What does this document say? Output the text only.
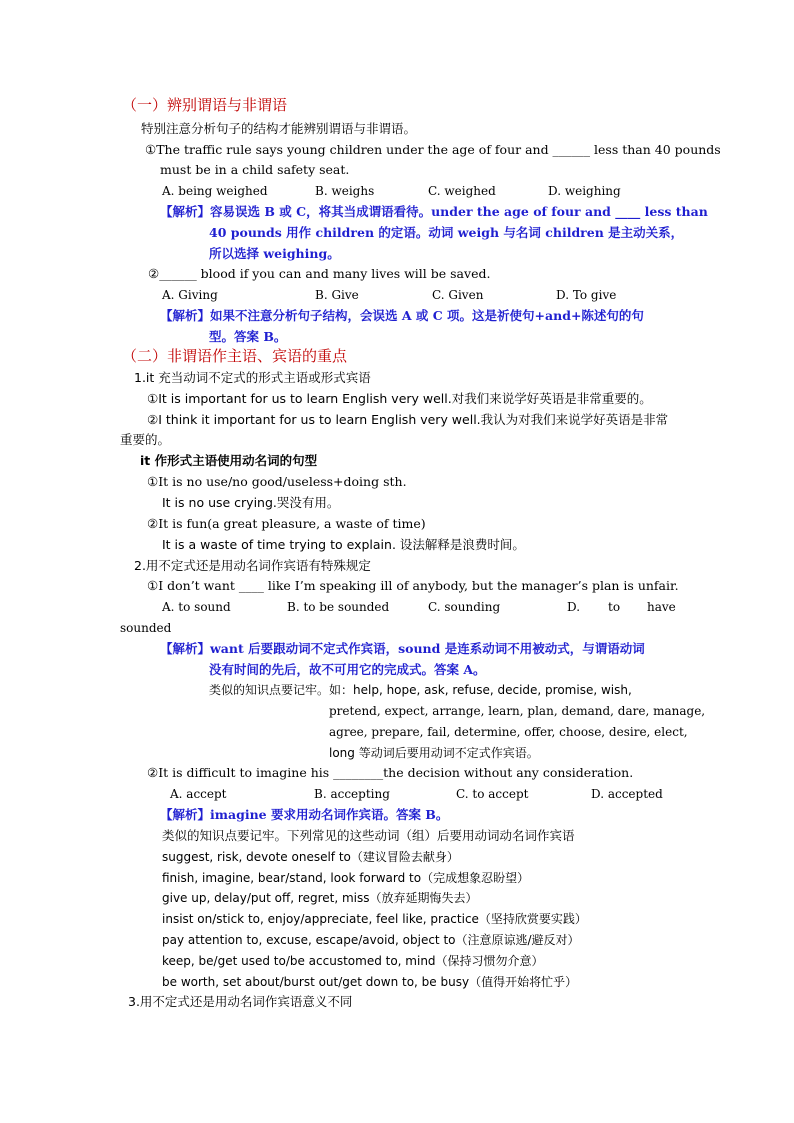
（一）辨别谓语与非谓语
特别注意分析句子的结构才能辨别谓语与非谓语。
①The traffic rule says young children under the age of four and ______ less than 40 pounds
must be in a child safety seat.
A. being weighed	B. weighs	C. weighed	D. weighing
【解析】容易误选 B 或 C，将其当成谓语看待。under the age of four and ____ less than
40 pounds 用作 children 的定语。动词 weigh 与名词 children 是主动关系，
所以选择 weighing。
②______ blood if you can and many lives will be saved.
A. Giving	B. Give	C. Given	D. To give
【解析】如果不注意分析句子结构，会误选 A 或 C 项。这是祈使句+and+陈述句的句
型。答案 B。
（二）非谓语作主语、宾语的重点
1.it 充当动词不定式的形式主语或形式宾语
①It is important for us to learn English very well.对我们来说学好英语是非常重要的。
②I think it important for us to learn English very well.我认为对我们来说学好英语是非常
重要的。
it 作形式主语使用动名词的句型
①It is no use/no good/useless+doing sth.
It is no use crying.哭没有用。
②It is fun(a great pleasure, a waste of time)
It is a waste of time trying to explain. 设法解释是浪费时间。
2.用不定式还是用动名词作宾语有特殊规定
①I don’t want ____ like I’m speaking ill of anybody, but the manager’s plan is unfair.
A. to sound	B. to be sounded	C. sounding	D. to have
sounded
【解析】want 后要跟动词不定式作宾语，sound 是连系动词不用被动式，与谓语动词
没有时间的先后，故不可用它的完成式。答案 A。
类似的知识点要记牢。如：help, hope, ask, refuse, decide, promise, wish,
pretend, expect, arrange, learn, plan, demand, dare, manage,
agree, prepare, fail, determine, offer, choose, desire, elect,
long 等动词后要用动词不定式作宾语。
②It is difficult to imagine his ________the decision without any consideration.
A. accept	B. accepting	C. to accept	D. accepted
【解析】imagine 要求用动名词作宾语。答案 B。
类似的知识点要记牢。下列常见的这些动词（组）后要用动词动名词作宾语
suggest, risk, devote oneself to（建议冒险去献身）
finish, imagine, bear/stand, look forward to（完成想象忍盼望）
give up, delay/put off, regret, miss（放弃延期悔失去）
insist on/stick to, enjoy/appreciate, feel like, practice（坚持欣赏要实践）
pay attention to, excuse, escape/avoid, object to（注意原谅逃/避反对）
keep, be/get used to/be accustomed to, mind（保持习惯勿介意）
be worth, set about/burst out/get down to, be busy（值得开始将忙乎）
3.用不定式还是用动名词作宾语意义不同
